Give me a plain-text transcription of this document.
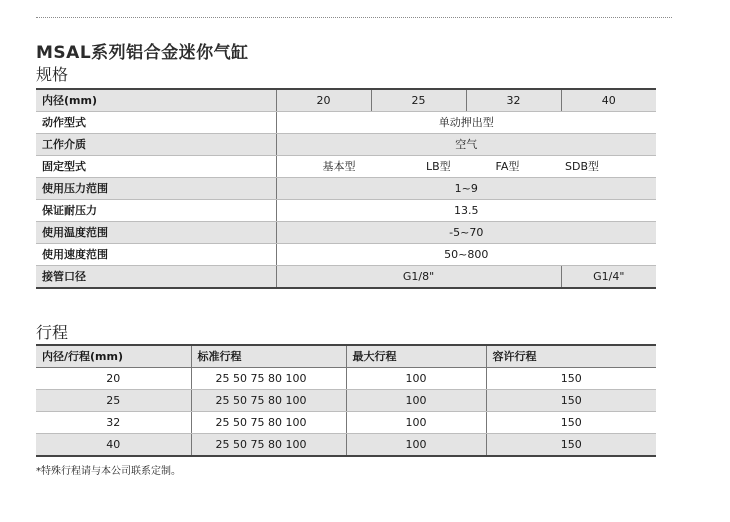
MSAL系列铝合金迷你气缸
规格
内径(mm)	20	25	32	40
动作型式	单动押出型			
工作介质	空气			
固定型式	基本型 LB型 FA型 SDB型			
使用压力范围	1~9			
保证耐压力	13.5			
使用温度范围	-5~70			
使用速度范围	50~800			
接管口径	G1/8"			G1/4"
行程
内径/行程(mm)	标准行程	最大行程	容许行程
20	25 50 75 80 100	100	150
25	25 50 75 80 100	100	150
32	25 50 75 80 100	100	150
40	25 50 75 80 100	100	150
*特殊行程请与本公司联系定制。
